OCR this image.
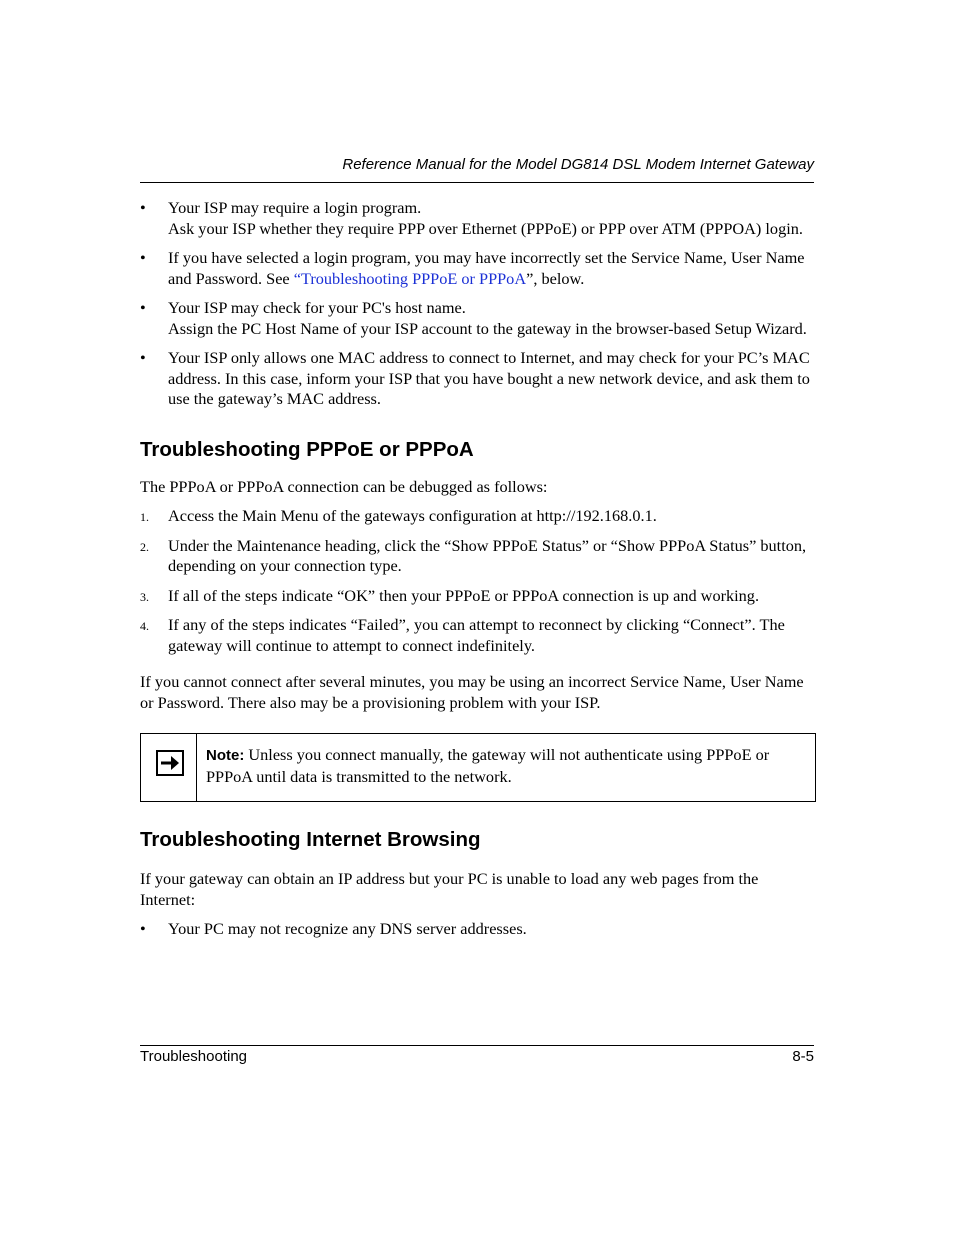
Reference Manual for the Model DG814 DSL Modem Internet Gateway
•	Your ISP may require a login program.

Ask your ISP whether they require PPP over Ethernet (PPPoE) or PPP over ATM (PPPOA) login.

•	If you have selected a login program, you may have incorrectly set the Service Name, User Name and Password. See “Troubleshooting PPPoE or PPPoA”, below.

•	Your ISP may check for your PC's host name.

Assign the PC Host Name of your ISP account to the gateway in the browser-based Setup Wizard.

•	Your ISP only allows one MAC address to connect to Internet, and may check for your PC’s MAC address. In this case, inform your ISP that you have bought a new network device, and ask them to use the gateway’s MAC address.

Troubleshooting PPPoE or PPPoA

The PPPoA or PPPoA connection can be debugged as follows:

1.	Access the Main Menu of the gateways configuration at http://192.168.0.1.

2.	Under the Maintenance heading, click the “Show PPPoE Status” or “Show PPPoA Status” button, depending on your connection type.

3.	If all of the steps indicate “OK” then your PPPoE or PPPoA connection is up and working.

4.	If any of the steps indicates “Failed”, you can attempt to reconnect by clicking “Connect”. The gateway will continue to attempt to connect indefinitely.

If you cannot connect after several minutes, you may be using an incorrect Service Name, User Name or Password. There also may be a provisioning problem with your ISP.

Note: Unless you connect manually, the gateway will not authenticate using PPPoE or PPPoA until data is transmitted to the network.
Troubleshooting Internet Browsing

If your gateway can obtain an IP address but your PC is unable to load any web pages from the Internet:

•	Your PC may not recognize any DNS server addresses.

Troubleshooting	8-5
